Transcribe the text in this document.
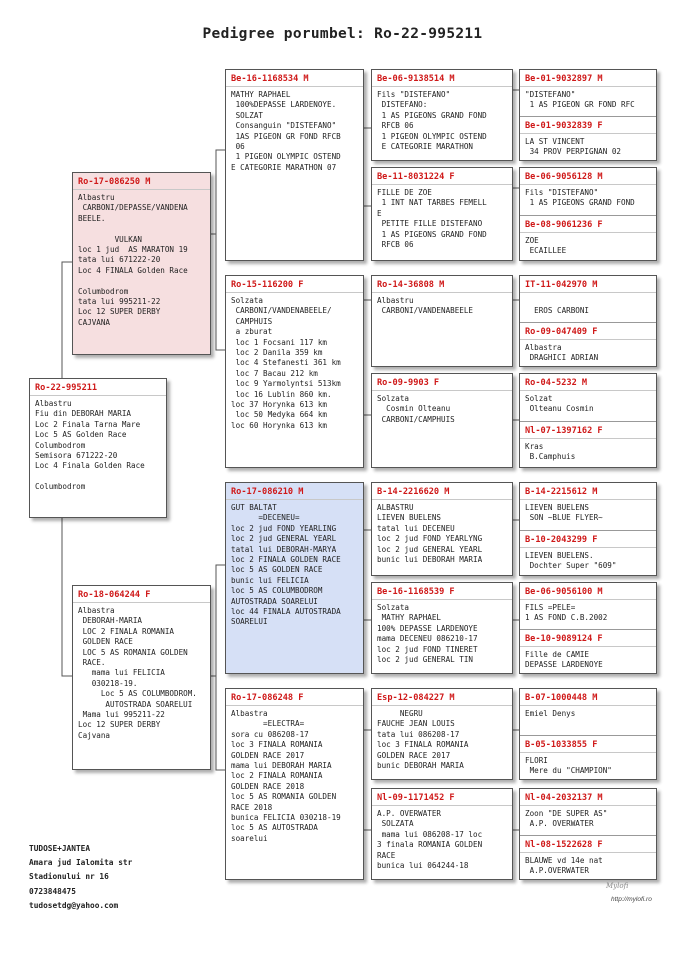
Pedigree porumbel: Ro-22-995211
Ro-22-995211
Albastru
Fiu din DEBORAH MARIA
Loc 2 Finala Tarna Mare
Loc 5 AS Golden Race
Columbodrom
Semisora 671222-20
Loc 4 Finala Golden Race

Columbodrom
Ro-17-086250 M
Albastru
CARBONI/DEPASSE/VANDENA
BEELE.

VULKAN
loc 1 jud  AS MARATON 19
tata lui 671222-20
Loc 4 FINALA Golden Race

Columbodrom
tata lui 995211-22
Loc 12 SUPER DERBY
CAJVANA
Ro-18-064244 F
Albastra
DEBORAH-MARIA
LOC 2 FINALA ROMANIA
GOLDEN RACE
LOC 5 AS ROMANIA GOLDEN
RACE.
mama lui FELICIA
030218-19.
Loc 5 AS COLUMBODROM.
AUTOSTRADA SOARELUI
Mama lui 995211-22
Loc 12 SUPER DERBY
Cajvana
Be-16-1168534 M
MATHY RAPHAEL
100%DEPASSE LARDENOYE.
SOLZAT
Consanguin "DISTEFANO"
1AS PIGEON GR FOND RFCB
06
1 PIGEON OLYMPIC OSTEND
E CATEGORIE MARATHON 07
Ro-15-116200 F
Solzata
CARBONI/VANDENABEELE/
CAMPHUIS
a zburat
loc 1 Focsani 117 km
loc 2 Danila 359 km
loc 4 Stefanesti 361 km
loc 7 Bacau 212 km
loc 9 Yarmolyntsi 513km
loc 16 Lublin 860 km.
loc 37 Horynka 613 km
loc 50 Medyka 664 km
loc 60 Horynka 613 km
Ro-17-086210 M
GUT BALTAT
=DECENEU=
loc 2 jud FOND YEARLING
loc 2 jud GENERAL YEARL
tatal lui DEBORAH-MARYA
loc 2 FINALA GOLDEN RACE
loc 5 AS GOLDEN RACE
bunic lui FELICIA
loc 5 AS COLUMBODROM
AUTOSTRADA SOARELUI
loc 44 FINALA AUTOSTRADA
SOARELUI
Ro-17-086248 F
Albastra
=ELECTRA=
sora cu 086208-17
loc 3 FINALA ROMANIA
GOLDEN RACE 2017
mama lui DEBORAH MARIA
loc 2 FINALA ROMANIA
GOLDEN RACE 2018
loc 5 AS ROMANIA GOLDEN
RACE 2018
bunica FELICIA 030218-19
loc 5 AS AUTOSTRADA
soarelui
Be-06-9138514 M
Fils "DISTEFANO"
DISTEFANO:
1 AS PIGEONS GRAND FOND
RFCB 06
1 PIGEON OLYMPIC OSTEND
E CATEGORIE MARATHON
Be-11-8031224 F
FILLE DE ZOE
1 INT NAT TARBES FEMELL
E
PETITE FILLE DISTEFANO
1 AS PIGEONS GRAND FOND
RFCB 06
Ro-14-36808 M
Albastru
CARBONI/VANDENABEELE
Ro-09-9903 F
Solzata
Cosmin Olteanu
CARBONI/CAMPHUIS
B-14-2216620 M
ALBASTRU
LIEVEN BUELENS
tatal lui DECENEU
loc 2 jud FOND YEARLYNG
loc 2 jud GENERAL YEARL
bunic lui DEBORAH MARIA
Be-16-1168539 F
Solzata
MATHY RAPHAEL
100% DEPASSE LARDENOYE
mama DECENEU 086210-17
loc 2 jud FOND TINERET
loc 2 jud GENERAL TIN
Esp-12-084227 M
NEGRU
FAUCHE JEAN LOUIS
tata lui 086208-17
loc 3 FINALA ROMANIA
GOLDEN RACE 2017
bunic DEBORAH MARIA
Nl-09-1171452 F
A.P. OVERWATER
SOLZATA
mama lui 086208-17 loc
3 finala ROMANIA GOLDEN
RACE
bunica lui 064244-18
Be-01-9032897 M
"DISTEFANO"
1 AS PIGEON GR FOND RFC
Be-01-9032839 F
LA ST VINCENT
34 PROV PERPIGNAN 02
Be-06-9056128 M
Fils "DISTEFANO"
1 AS PIGEONS GRAND FOND
Be-08-9061236 F
ZOE
ECAILLEE
IT-11-042970 M

EROS CARBONI
Ro-09-047409 F
Albastra
DRAGHICI ADRIAN
Ro-04-5232 M
Solzat
Olteanu Cosmin
Nl-07-1397162 F
Kras
B.Camphuis
B-14-2215612 M
LIEVEN BUELENS
SON ~BLUE FLYER~
B-10-2043299 F
LIEVEN BUELENS.
Dochter Super "609"
Be-06-9056100 M
FILS =PELE=
1 AS FOND C.B.2002
Be-10-9089124 F
Fille de CAMIE
DEPASSE LARDENOYE
B-07-1000448 M
Emiel Denys
B-05-1033855 F
FLORI
Mere du "CHAMPION"
Nl-04-2032137 M
Zoon "DE SUPER AS"
A.P. OVERWATER
Nl-08-1522628 F
BLAUWE vd 14e nat
A.P.OVERWATER
TUDOSE+JANTEA
Amara jud Ialomita str
Stadionului nr 16
0723848475
tudosetdg@yahoo.com
Mylofi
http://mylofi.ro
